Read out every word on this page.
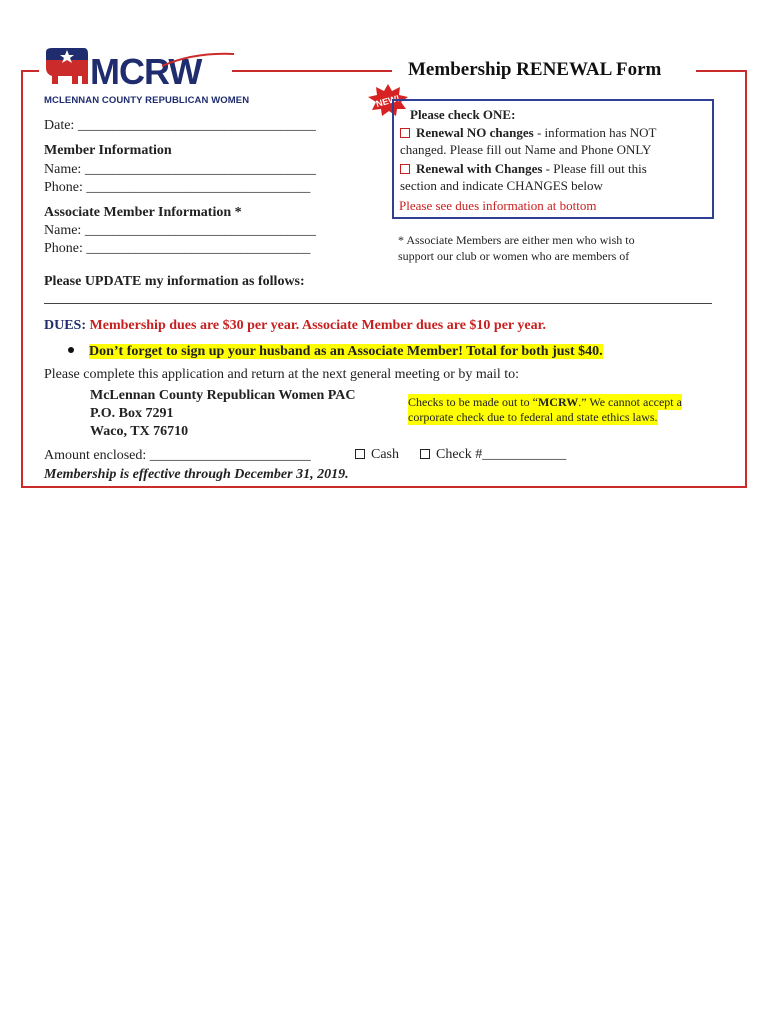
MCRW
MCLENNAN COUNTY REPUBLICAN WOMEN
Membership RENEWAL Form
NEW!
Date: __________________________________
Member Information
Name: _________________________________
Phone: ________________________________
Associate Member Information *
Name: _________________________________
Phone: ________________________________
Please check ONE:
Renewal NO changes - information has NOT
changed. Please fill out Name and Phone ONLY
Renewal with Changes - Please fill out this
section and indicate CHANGES below
Please see dues information at bottom
* Associate Members are either men who wish to
support our club or women who are members of
Please UPDATE my information as follows:
DUES: Membership dues are $30 per year. Associate Member dues are $10 per year.
Don’t forget to sign up your husband as an Associate Member! Total for both just $40.
Please complete this application and return at the next general meeting or by mail to:
McLennan County Republican Women PAC
P.O. Box 7291
Waco, TX 76710
Checks to be made out to “MCRW.” We cannot accept a
corporate check due to federal and state ethics laws.
Amount enclosed: _______________________	Cash	Check #____________
Membership is effective through December 31, 2019.
